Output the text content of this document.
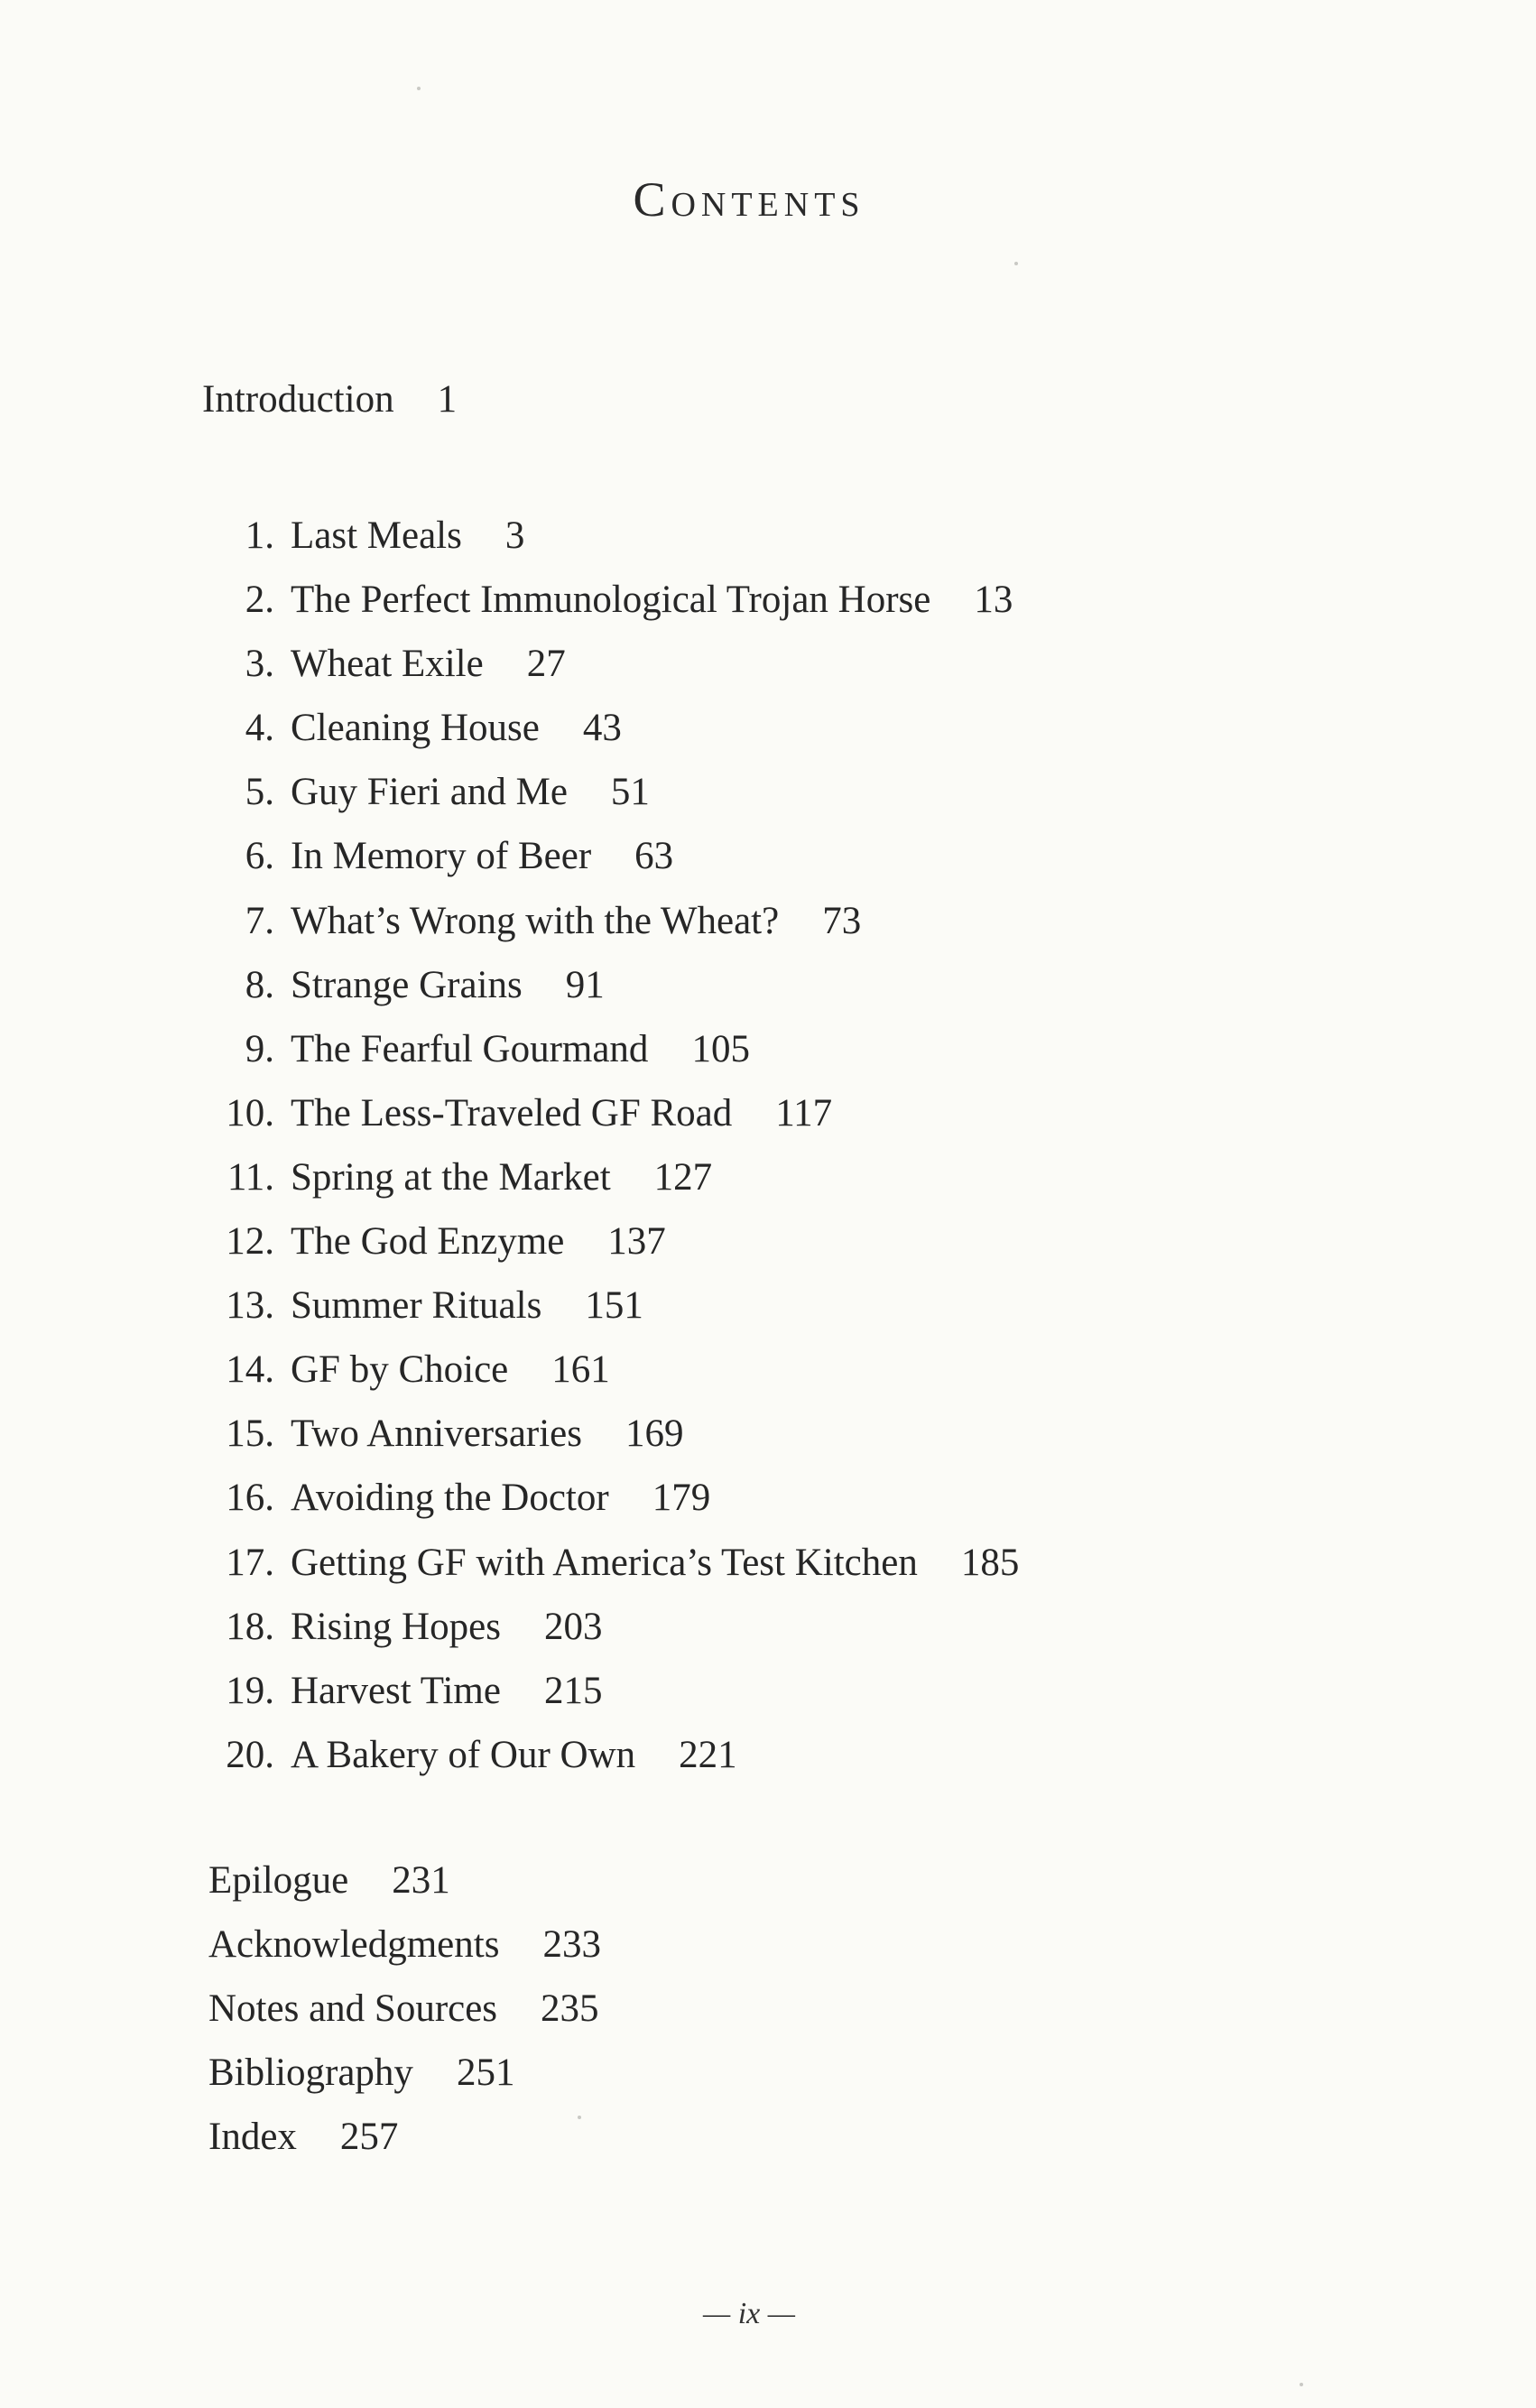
Contents
Introduction 1
1. Last Meals 3
2. The Perfect Immunological Trojan Horse 13
3. Wheat Exile 27
4. Cleaning House 43
5. Guy Fieri and Me 51
6. In Memory of Beer 63
7. What’s Wrong with the Wheat? 73
8. Strange Grains 91
9. The Fearful Gourmand 105
10. The Less-Traveled GF Road 117
11. Spring at the Market 127
12. The God Enzyme 137
13. Summer Rituals 151
14. GF by Choice 161
15. Two Anniversaries 169
16. Avoiding the Doctor 179
17. Getting GF with America’s Test Kitchen 185
18. Rising Hopes 203
19. Harvest Time 215
20. A Bakery of Our Own 221
Epilogue 231
Acknowledgments 233
Notes and Sources 235
Bibliography 251
Index 257
— ix —
